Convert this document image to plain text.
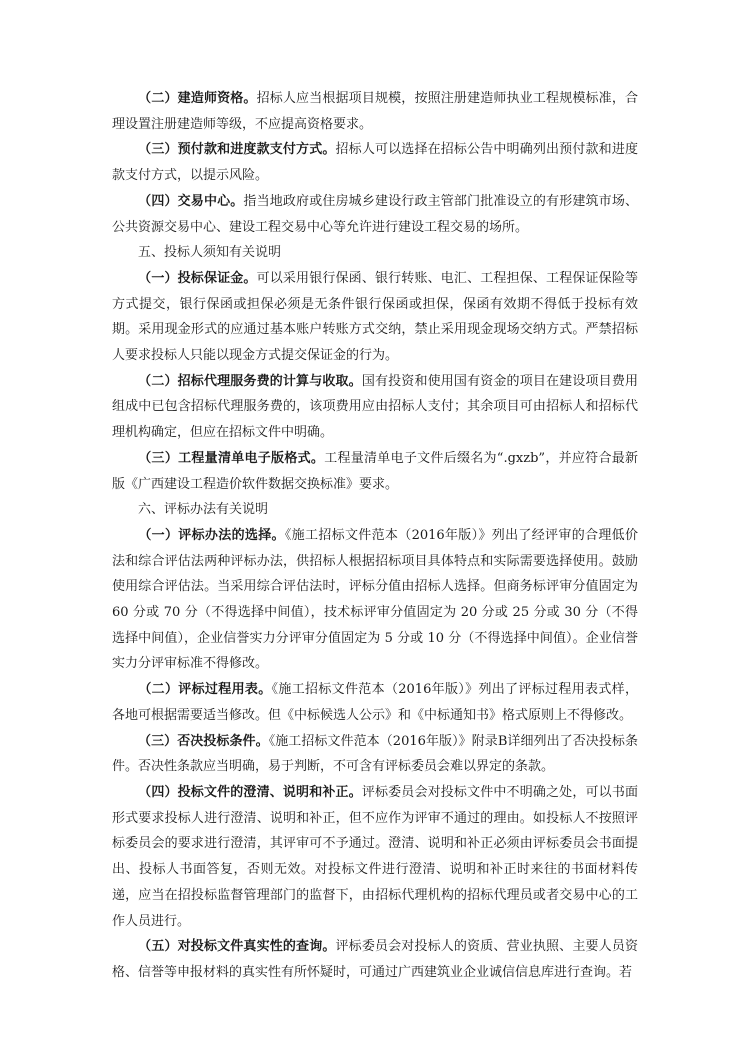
（二）建造师资格。招标人应当根据项目规模，按照注册建造师执业工程规模标准，合理设置注册建造师等级，不应提高资格要求。

（三）预付款和进度款支付方式。招标人可以选择在招标公告中明确列出预付款和进度款支付方式，以提示风险。

（四）交易中心。指当地政府或住房城乡建设行政主管部门批准设立的有形建筑市场、公共资源交易中心、建设工程交易中心等允许进行建设工程交易的场所。

五、投标人须知有关说明

（一）投标保证金。可以采用银行保函、银行转账、电汇、工程担保、工程保证保险等方式提交，银行保函或担保必须是无条件银行保函或担保，保函有效期不得低于投标有效期。采用现金形式的应通过基本账户转账方式交纳，禁止采用现金现场交纳方式。严禁招标人要求投标人只能以现金方式提交保证金的行为。

（二）招标代理服务费的计算与收取。国有投资和使用国有资金的项目在建设项目费用组成中已包含招标代理服务费的，该项费用应由招标人支付；其余项目可由招标人和招标代理机构确定，但应在招标文件中明确。

（三）工程量清单电子版格式。工程量清单电子文件后缀名为“.gxzb”，并应符合最新版《广西建设工程造价软件数据交换标准》要求。

六、评标办法有关说明

（一）评标办法的选择。《施工招标文件范本（2016年版）》列出了经评审的合理低价法和综合评估法两种评标办法，供招标人根据招标项目具体特点和实际需要选择使用。鼓励使用综合评估法。当采用综合评估法时，评标分值由招标人选择。但商务标评审分值固定为 60 分或 70 分（不得选择中间值），技术标评审分值固定为 20 分或 25 分或 30 分（不得选择中间值），企业信誉实力分评审分值固定为 5 分或 10 分（不得选择中间值）。企业信誉实力分评审标准不得修改。

（二）评标过程用表。《施工招标文件范本（2016年版）》列出了评标过程用表式样，各地可根据需要适当修改。但《中标候选人公示》和《中标通知书》格式原则上不得修改。

（三）否决投标条件。《施工招标文件范本（2016年版）》附录B详细列出了否决投标条件。否决性条款应当明确，易于判断，不可含有评标委员会难以界定的条款。

（四）投标文件的澄清、说明和补正。评标委员会对投标文件中不明确之处，可以书面形式要求投标人进行澄清、说明和补正，但不应作为评审不通过的理由。如投标人不按照评标委员会的要求进行澄清，其评审可不予通过。澄清、说明和补正必须由评标委员会书面提出、投标人书面答复，否则无效。对投标文件进行澄清、说明和补正时来往的书面材料传递，应当在招投标监督管理部门的监督下，由招标代理机构的招标代理员或者交易中心的工作人员进行。

（五）对投标文件真实性的查询。评标委员会对投标人的资质、营业执照、主要人员资格、信誉等申报材料的真实性有所怀疑时，可通过广西建筑业企业诚信信息库进行查询。若
